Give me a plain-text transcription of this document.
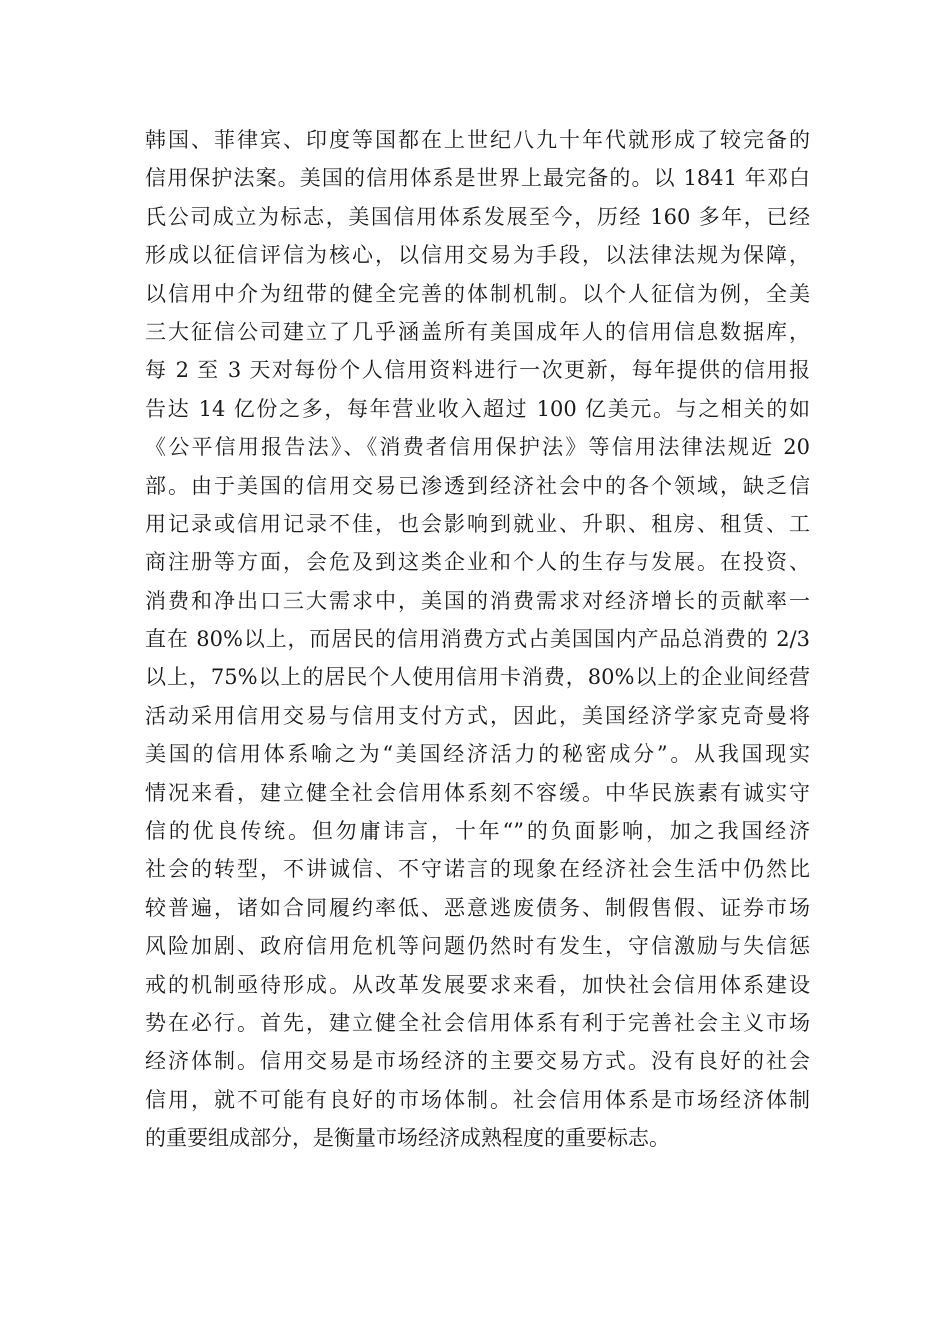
韩国、菲律宾、印度等国都在上世纪八九十年代就形成了较完备的
信用保护法案。美国的信用体系是世界上最完备的。以 1841 年邓白
氏公司成立为标志，美国信用体系发展至今，历经 160 多年，已经
形成以征信评信为核心，以信用交易为手段，以法律法规为保障，
以信用中介为纽带的健全完善的体制机制。以个人征信为例，全美
三大征信公司建立了几乎涵盖所有美国成年人的信用信息数据库，
每 2 至 3 天对每份个人信用资料进行一次更新，每年提供的信用报
告达 14 亿份之多，每年营业收入超过 100 亿美元。与之相关的如
《公平信用报告法》、《消费者信用保护法》等信用法律法规近 20
部。由于美国的信用交易已渗透到经济社会中的各个领域，缺乏信
用记录或信用记录不佳，也会影响到就业、升职、租房、租赁、工
商注册等方面，会危及到这类企业和个人的生存与发展。在投资、
消费和净出口三大需求中，美国的消费需求对经济增长的贡献率一
直在 80%以上，而居民的信用消费方式占美国国内产品总消费的 2/3
以上，75%以上的居民个人使用信用卡消费，80%以上的企业间经营
活动采用信用交易与信用支付方式，因此，美国经济学家克奇曼将
美国的信用体系喻之为“美国经济活力的秘密成分”。从我国现实
情况来看，建立健全社会信用体系刻不容缓。中华民族素有诚实守
信的优良传统。但勿庸讳言，十年“”的负面影响，加之我国经济
社会的转型，不讲诚信、不守诺言的现象在经济社会生活中仍然比
较普遍，诸如合同履约率低、恶意逃废债务、制假售假、证券市场
风险加剧、政府信用危机等问题仍然时有发生，守信激励与失信惩
戒的机制亟待形成。从改革发展要求来看，加快社会信用体系建设
势在必行。首先，建立健全社会信用体系有利于完善社会主义市场
经济体制。信用交易是市场经济的主要交易方式。没有良好的社会
信用，就不可能有良好的市场体制。社会信用体系是市场经济体制
的重要组成部分，是衡量市场经济成熟程度的重要标志。
